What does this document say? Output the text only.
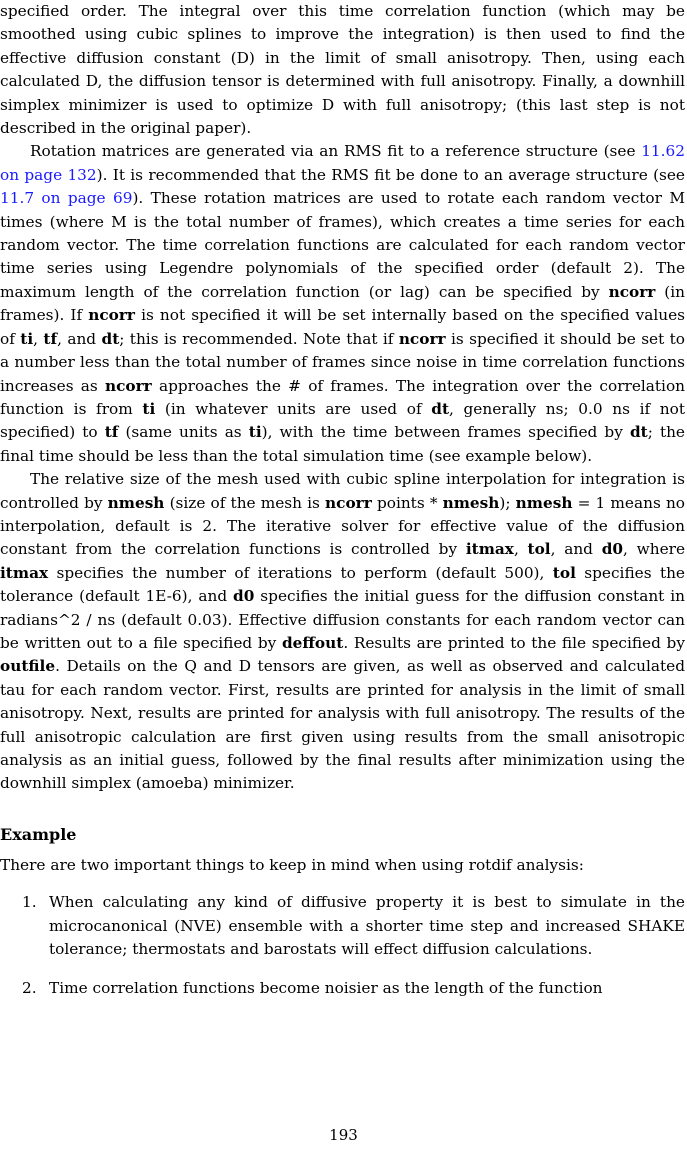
specified order. The integral over this time correlation function (which may be smoothed using cubic splines to improve the integration) is then used to find the effective diffusion constant (D) in the limit of small anisotropy. Then, using each calculated D, the diffusion tensor is determined with full anisotropy. Finally, a downhill simplex minimizer is used to optimize D with full anisotropy; (this last step is not described in the original paper).

Rotation matrices are generated via an RMS fit to a reference structure (see 11.62 on page 132). It is recommended that the RMS fit be done to an average structure (see 11.7 on page 69). These rotation matrices are used to rotate each random vector M times (where M is the total number of frames), which creates a time series for each random vector. The time correlation functions are calculated for each random vector time series using Legendre polynomials of the specified order (default 2). The maximum length of the correlation function (or lag) can be specified by ncorr (in frames). If ncorr is not specified it will be set internally based on the specified values of ti, tf, and dt; this is recommended. Note that if ncorr is specified it should be set to a number less than the total number of frames since noise in time correlation functions increases as ncorr approaches the # of frames. The integration over the correlation function is from ti (in whatever units are used of dt, generally ns; 0.0 ns if not specified) to tf (same units as ti), with the time between frames specified by dt; the final time should be less than the total simulation time (see example below).

The relative size of the mesh used with cubic spline interpolation for integration is controlled by nmesh (size of the mesh is ncorr points * nmesh); nmesh = 1 means no interpolation, default is 2. The iterative solver for effective value of the diffusion constant from the correlation functions is controlled by itmax, tol, and d0, where itmax specifies the number of iterations to perform (default 500), tol specifies the tolerance (default 1E-6), and d0 specifies the initial guess for the diffusion constant in radians^2 / ns (default 0.03). Effective diffusion constants for each random vector can be written out to a file specified by deffout. Results are printed to the file specified by outfile. Details on the Q and D tensors are given, as well as observed and calculated tau for each random vector. First, results are printed for analysis in the limit of small anisotropy. Next, results are printed for analysis with full anisotropy. The results of the full anisotropic calculation are first given using results from the small anisotropic analysis as an initial guess, followed by the final results after minimization using the downhill simplex (amoeba) minimizer.

Example

There are two important things to keep in mind when using rotdif analysis:

1. When calculating any kind of diffusive property it is best to simulate in the microcanonical (NVE) ensemble with a shorter time step and increased SHAKE tolerance; thermostats and barostats will effect diffusion calculations.
2. Time correlation functions become noisier as the length of the function
193
